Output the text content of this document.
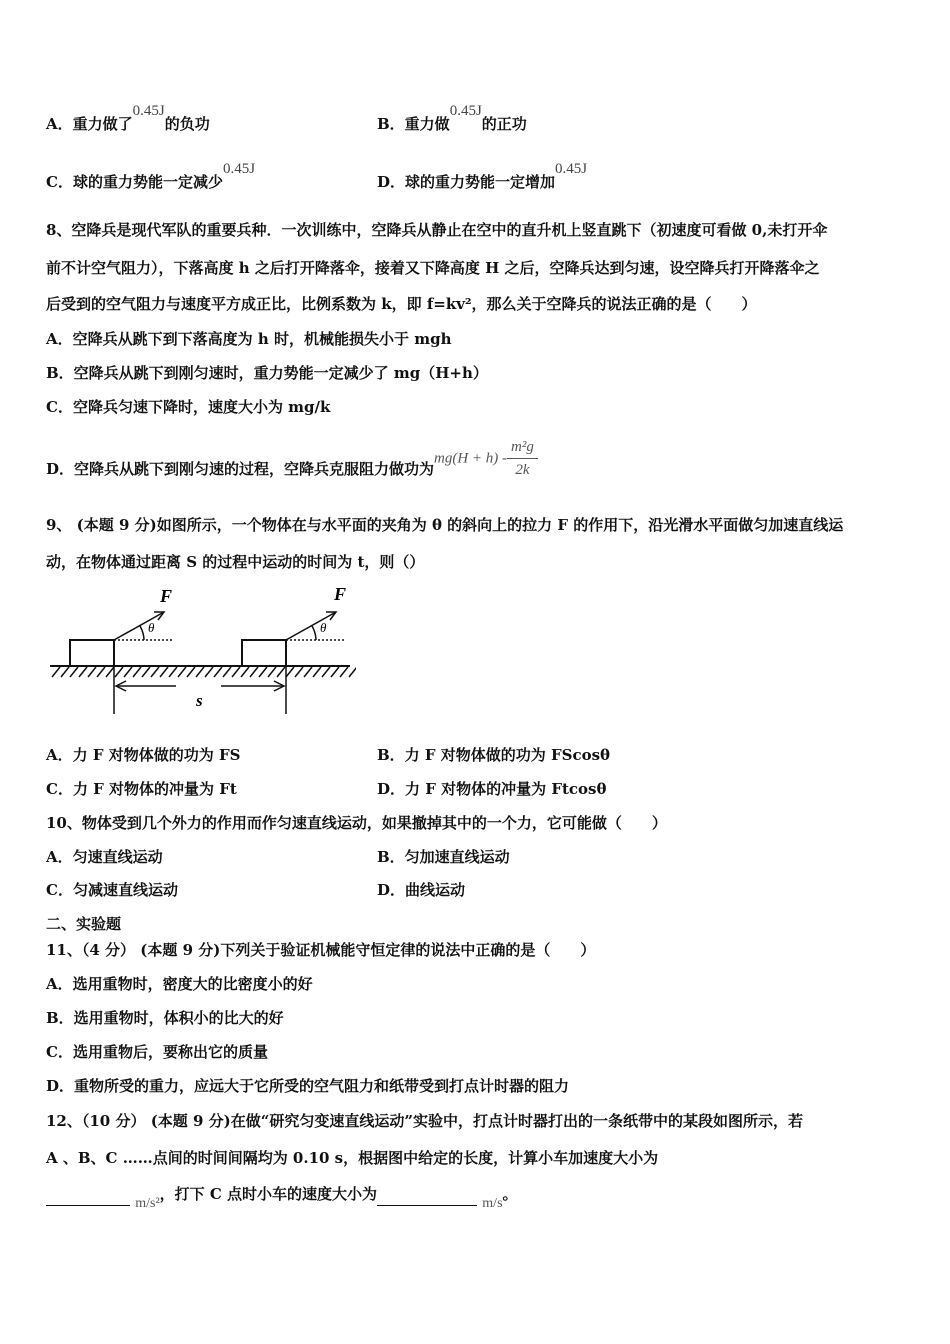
A．重力做了0.45J的负功	B．重力做0.45J的正功
C．球的重力势能一定减少0.45J
D．球的重力势能一定增加0.45J
8、空降兵是现代军队的重要兵种．一次训练中，空降兵从静止在空中的直升机上竖直跳下（初速度可看做 0,未打开伞
前不计空气阻力），下落高度 h 之后打开降落伞，接着又下降高度 H 之后，空降兵达到匀速，设空降兵打开降落伞之
后受到的空气阻力与速度平方成正比，比例系数为 k，即 f=kv²，那么关于空降兵的说法正确的是（　　）
A．空降兵从跳下到下落高度为 h 时，机械能损失小于 mgh
B．空降兵从跳下到刚匀速时，重力势能一定减少了 mg（H+h）
C．空降兵匀速下降时，速度大小为 mg/k
D．空降兵从跳下到刚匀速的过程，空降兵克服阻力做功为$mg(H + h) - \frac{\text{m²g}}{2k}$
9、 (本题 9 分)如图所示，一个物体在与水平面的夹角为 θ 的斜向上的拉力 F 的作用下，沿光滑水平面做匀加速直线运
动，在物体通过距离 S 的过程中运动的时间为 t，则（）
F	F
θ	θ
s
A．力 F 对物体做的功为 FS	B．力 F 对物体做的功为 FScosθ
C．力 F 对物体的冲量为 Ft	D．力 F 对物体的冲量为 Ftcosθ
10、物体受到几个外力的作用而作匀速直线运动，如果撤掉其中的一个力，它可能做（　　）
A．匀速直线运动	B．匀加速直线运动
C．匀减速直线运动	D．曲线运动
二、实验题
11、（4 分） (本题 9 分)下列关于验证机械能守恒定律的说法中正确的是（　　）
A．选用重物时，密度大的比密度小的好
B．选用重物时，体积小的比大的好
C．选用重物后，要称出它的质量
D．重物所受的重力，应远大于它所受的空气阻力和纸带受到打点计时器的阻力
12、（10 分） (本题 9 分)在做“研究匀变速直线运动”实验中，打点计时器打出的一条纸带中的某段如图所示，若
A 、B、C ……点间的时间间隔均为 0.10 s，根据图中给定的长度，计算小车加速度大小为
m/s²，打下 C 点时小车的速度大小为 m/s。
